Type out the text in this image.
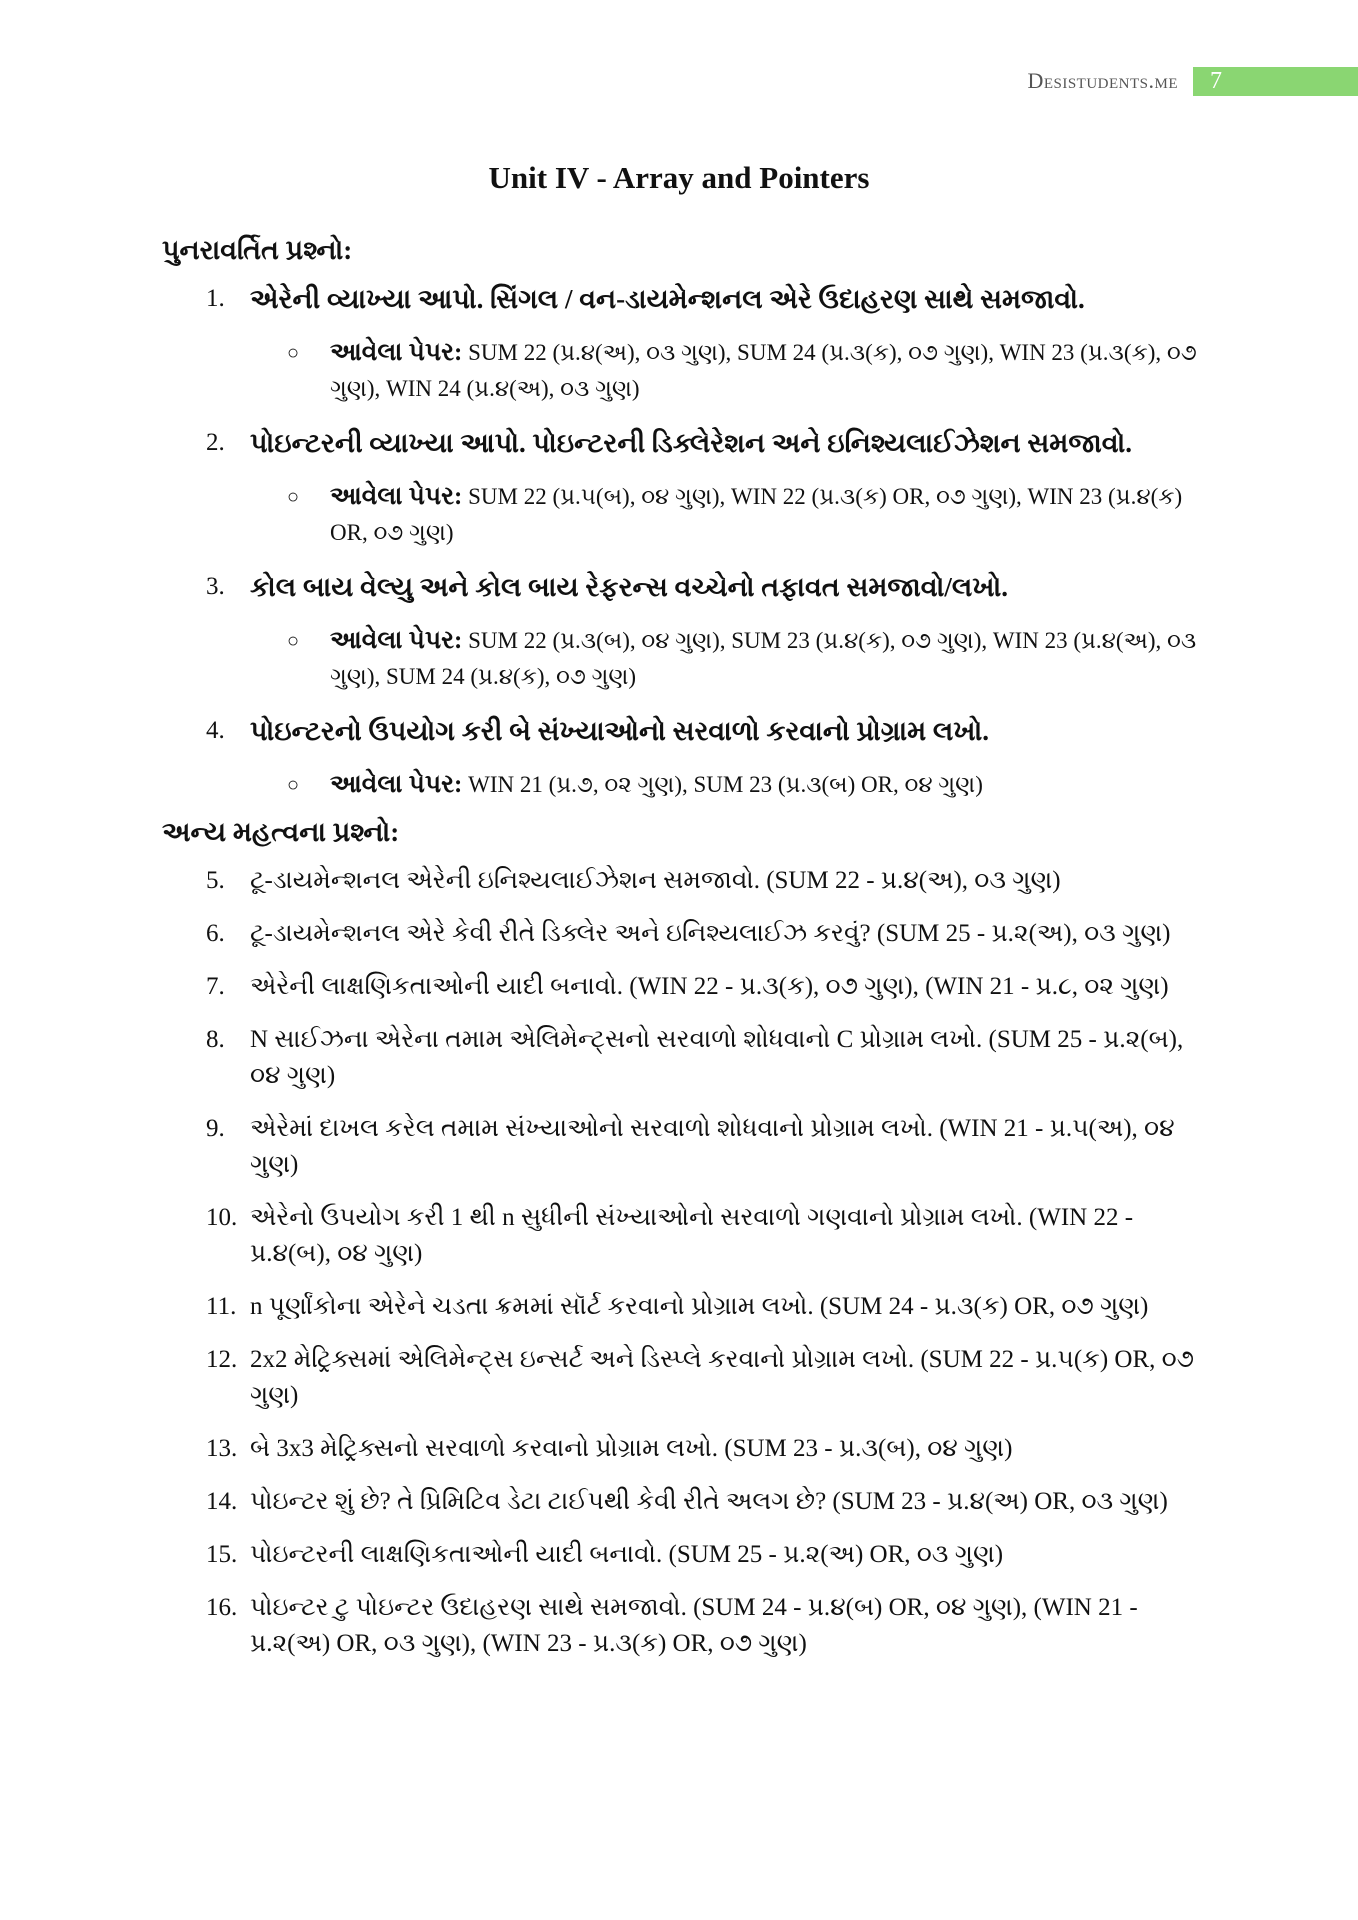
Desistudents.me	7
Unit IV - Array and Pointers
પુનરાવર્તિત પ્રશ્નો:
1. એરેની વ્યાખ્યા આપો. સિંગલ / વન-ડાયમેન્શનલ એરે ઉદાહરણ સાથે સમજાવો.
○	આવેલા પેપર: SUM 22 (પ્ર.૪(અ), ૦૩ ગુણ), SUM 24 (પ્ર.૩(ક), ૦૭ ગુણ), WIN 23 (પ્ર.૩(ક), ૦૭ ગુણ), WIN 24 (પ્ર.૪(અ), ૦૩ ગુણ)
2. પોઇન્ટરની વ્યાખ્યા આપો. પોઇન્ટરની ડિક્લેરેશન અને ઇનિશ્યલાઈઝેશન સમજાવો.
○	આવેલા પેપર: SUM 22 (પ્ર.૫(બ), ૦૪ ગુણ), WIN 22 (પ્ર.૩(ક) OR, ૦૭ ગુણ), WIN 23 (પ્ર.૪(ક) OR, ૦૭ ગુણ)
3. કોલ બાય વેલ્યુ અને કોલ બાય રેફરન્સ વચ્ચેનો તફાવત સમજાવો/લખો.
○	આવેલા પેપર: SUM 22 (પ્ર.૩(બ), ૦૪ ગુણ), SUM 23 (પ્ર.૪(ક), ૦૭ ગુણ), WIN 23 (પ્ર.૪(અ), ૦૩ ગુણ), SUM 24 (પ્ર.૪(ક), ૦૭ ગુણ)
4. પોઇન્ટરનો ઉપયોગ કરી બે સંખ્યાઓનો સરવાળો કરવાનો પ્રોગ્રામ લખો.
○	આવેલા પેપર: WIN 21 (પ્ર.૭, ૦૨ ગુણ), SUM 23 (પ્ર.૩(બ) OR, ૦૪ ગુણ)
અન્ય મહત્વના પ્રશ્નો:
5.	ટૂ-ડાયમેન્શનલ એરેની ઇનિશ્યલાઈઝેશન સમજાવો. (SUM 22 - પ્ર.૪(અ), ૦૩ ગુણ)
6.	ટૂ-ડાયમેન્શનલ એરે કેવી રીતે ડિક્લેર અને ઇનિશ્યલાઈઝ કરવું? (SUM 25 - પ્ર.૨(અ), ૦૩ ગુણ)
7.	એરેની લાક્ષણિકતાઓની યાદી બનાવો. (WIN 22 - પ્ર.૩(ક), ૦૭ ગુણ), (WIN 21 - પ્ર.૮, ૦૨ ગુણ)
8.	N સાઈઝના એરેના તમામ એલિમેન્ટ્સનો સરવાળો શોધવાનો C પ્રોગ્રામ લખો. (SUM 25 - પ્ર.૨(બ), ૦૪ ગુણ)
9.	એરેમાં દાખલ કરેલ તમામ સંખ્યાઓનો સરવાળો શોધવાનો પ્રોગ્રામ લખો. (WIN 21 - પ્ર.૫(અ), ૦૪ ગુણ)
10. એરેનો ઉપયોગ કરી 1 થી n સુધીની સંખ્યાઓનો સરવાળો ગણવાનો પ્રોગ્રામ લખો. (WIN 22 - પ્ર.૪(બ), ૦૪ ગુણ)
11. n પૂર્ણાંકોના એરેને ચડતા ક્રમમાં સૉર્ટ કરવાનો પ્રોગ્રામ લખો. (SUM 24 - પ્ર.૩(ક) OR, ૦૭ ગુણ)
12. 2x2 મેટ્રિક્સમાં એલિમેન્ટ્સ ઇન્સર્ટ અને ડિસ્પ્લે કરવાનો પ્રોગ્રામ લખો. (SUM 22 - પ્ર.૫(ક) OR, ૦૭ ગુણ)
13. બે 3x3 મેટ્રિક્સનો સરવાળો કરવાનો પ્રોગ્રામ લખો. (SUM 23 - પ્ર.૩(બ), ૦૪ ગુણ)
14. પોઇન્ટર શું છે? તે પ્રિમિટિવ ડેટા ટાઈપથી કેવી રીતે અલગ છે? (SUM 23 - પ્ર.૪(અ) OR, ૦૩ ગુણ)
15. પોઇન્ટરની લાક્ષણિકતાઓની યાદી બનાવો. (SUM 25 - પ્ર.૨(અ) OR, ૦૩ ગુણ)
16. પોઇન્ટર ટુ પોઇન્ટર ઉદાહરણ સાથે સમજાવો. (SUM 24 - પ્ર.૪(બ) OR, ૦૪ ગુણ), (WIN 21 - પ્ર.૨(અ) OR, ૦૩ ગુણ), (WIN 23 - પ્ર.૩(ક) OR, ૦૭ ગુણ)
